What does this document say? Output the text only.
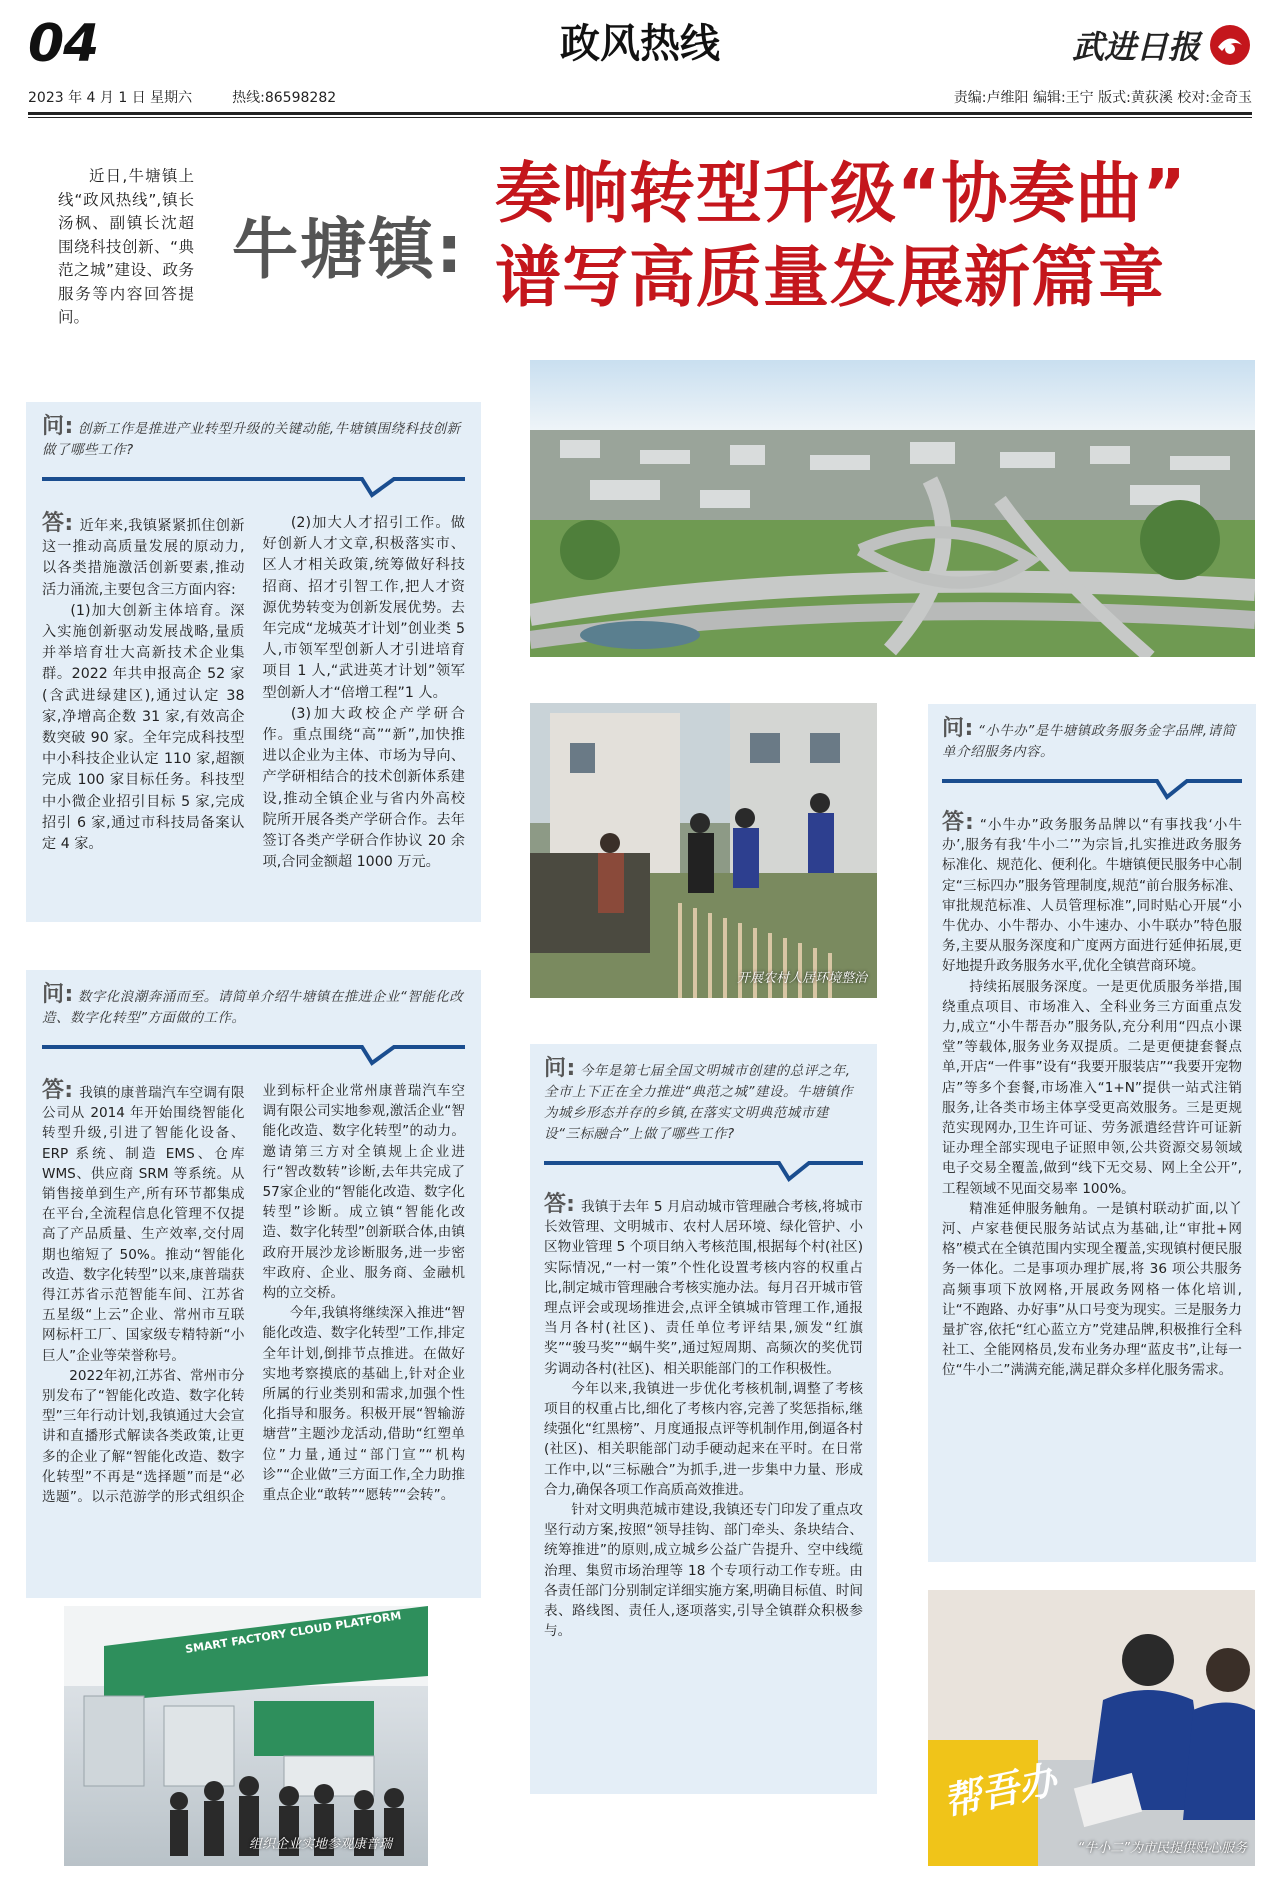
04	政风热线	武进日报
2023 年 4 月 1 日 星期六	热线:86598282	责编:卢维阳 编辑:王宁 版式:黄荻溪 校对:金奇玉
近日,牛塘镇上线“政风热线”,镇长汤枫、副镇长沈超围绕科技创新、“典范之城”建设、政务服务等内容回答提问。
牛塘镇:
奏响转型升级“协奏曲”
谱写高质量发展新篇章
问: 创新工作是推进产业转型升级的关键动能,牛塘镇围绕科技创新做了哪些工作?

答: 近年来,我镇紧紧抓住创新这一推动高质量发展的原动力,以各类措施激活创新要素,推动活力涌流,主要包含三方面内容:

(1)加大创新主体培育。深入实施创新驱动发展战略,量质并举培育壮大高新技术企业集群。2022 年共申报高企 52 家(含武进绿建区),通过认定 38 家,净增高企数 31 家,有效高企数突破 90 家。全年完成科技型中小科技企业认定 110 家,超额完成 100 家目标任务。科技型中小微企业招引目标 5 家,完成招引 6 家,通过市科技局备案认定 4 家。

(2)加大人才招引工作。做好创新人才文章,积极落实市、区人才相关政策,统筹做好科技招商、招才引智工作,把人才资源优势转变为创新发展优势。去年完成“龙城英才计划”创业类 5 人,市领军型创新人才引进培育项目 1 人,“武进英才计划”领军型创新人才“倍增工程”1 人。

(3)加大政校企产学研合作。重点围绕“高”“新”,加快推进以企业为主体、市场为导向、产学研相结合的技术创新体系建设,推动全镇企业与省内外高校院所开展各类产学研合作。去年签订各类产学研合作协议 20 余项,合同金额超 1000 万元。

问: 数字化浪潮奔涌而至。请简单介绍牛塘镇在推进企业“智能化改造、数字化转型”方面做的工作。

答: 我镇的康普瑞汽车空调有限公司从 2014 年开始围绕智能化转型升级,引进了智能化设备、ERP 系统、制造 EMS、仓库 WMS、供应商 SRM 等系统。从销售接单到生产,所有环节都集成在平台,全流程信息化管理不仅提高了产品质量、生产效率,交付周期也缩短了 50%。推动“智能化改造、数字化转型”以来,康普瑞获得江苏省示范智能车间、江苏省五星级“上云”企业、常州市互联网标杆工厂、国家级专精特新“小巨人”企业等荣誉称号。

2022年初,江苏省、常州市分别发布了“智能化改造、数字化转型”三年行动计划,我镇通过大会宣讲和直播形式解读各类政策,让更多的企业了解“智能化改造、数字化转型”不再是“选择题”而是“必选题”。以示范游学的形式组织企业到标杆企业常州康普瑞汽车空调有限公司实地参观,激活企业“智能化改造、数字化转型”的动力。邀请第三方对全镇规上企业进行“智改数转”诊断,去年共完成了57家企业的“智能化改造、数字化转型”诊断。成立镇“智能化改造、数字化转型”创新联合体,由镇政府开展沙龙诊断服务,进一步密牢政府、企业、服务商、金融机构的立交桥。

今年,我镇将继续深入推进“智能化改造、数字化转型”工作,排定全年计划,倒排节点推进。在做好实地考察摸底的基础上,针对企业所属的行业类别和需求,加强个性化指导和服务。积极开展“智输游塘营”主题沙龙活动,借助“红塑单位”力量,通过“部门宣”“机构诊”“企业做”三方面工作,全力助推重点企业“敢转”“愿转”“会转”。

SMART FACTORY CLOUD PLATFORM
组织企业实地参观康普瑞
开展农村人居环境整治
问: 今年是第七届全国文明城市创建的总评之年,全市上下正在全力推进“典范之城”建设。牛塘镇作为城乡形态并存的乡镇,在落实文明典范城市建设“三标融合”上做了哪些工作?

答: 我镇于去年 5 月启动城市管理融合考核,将城市长效管理、文明城市、农村人居环境、绿化管护、小区物业管理 5 个项目纳入考核范围,根据每个村(社区)实际情况,“一村一策”个性化设置考核内容的权重占比,制定城市管理融合考核实施办法。每月召开城市管理点评会或现场推进会,点评全镇城市管理工作,通报当月各村(社区)、责任单位考评结果,颁发“红旗奖”“骏马奖”“蜗牛奖”,通过短周期、高频次的奖优罚劣调动各村(社区)、相关职能部门的工作积极性。

今年以来,我镇进一步优化考核机制,调整了考核项目的权重占比,细化了考核内容,完善了奖惩指标,继续强化“红黑榜”、月度通报点评等机制作用,倒逼各村(社区)、相关职能部门动手硬动起来在平时。在日常工作中,以“三标融合”为抓手,进一步集中力量、形成合力,确保各项工作高质高效推进。

针对文明典范城市建设,我镇还专门印发了重点攻坚行动方案,按照“领导挂钩、部门牵头、条块结合、统筹推进”的原则,成立城乡公益广告提升、空中线缆治理、集贸市场治理等 18 个专项行动工作专班。由各责任部门分别制定详细实施方案,明确目标值、时间表、路线图、责任人,逐项落实,引导全镇群众积极参与。

问: “小牛办”是牛塘镇政务服务金字品牌,请简单介绍服务内容。

答: “小牛办”政务服务品牌以“有事找我‘小牛办’,服务有我‘牛小二’”为宗旨,扎实推进政务服务标准化、规范化、便利化。牛塘镇便民服务中心制定“三标四办”服务管理制度,规范“前台服务标准、审批规范标准、人员管理标准”,同时贴心开展“小牛优办、小牛帮办、小牛速办、小牛联办”特色服务,主要从服务深度和广度两方面进行延伸拓展,更好地提升政务服务水平,优化全镇营商环境。

持续拓展服务深度。一是更优质服务举措,围绕重点项目、市场准入、全科业务三方面重点发力,成立“小牛帮吾办”服务队,充分利用“四点小课堂”等载体,服务业务双提质。二是更便捷套餐点单,开店“一件事”设有“我要开服装店”“我要开宠物店”等多个套餐,市场准入“1+N”提供一站式注销服务,让各类市场主体享受更高效服务。三是更规范实现网办,卫生许可证、劳务派遣经营许可证新证办理全部实现电子证照申领,公共资源交易领域电子交易全覆盖,做到“线下无交易、网上全公开”,工程领域不见面交易率 100%。

精准延伸服务触角。一是镇村联动扩面,以丫河、卢家巷便民服务站试点为基础,让“审批+网格”模式在全镇范围内实现全覆盖,实现镇村便民服务一体化。二是事项办理扩展,将 36 项公共服务高频事项下放网格,开展政务网格一体化培训,让“不跑路、办好事”从口号变为现实。三是服务力量扩容,依托“红心蓝立方”党建品牌,积极推行全科社工、全能网格员,发布业务办理“蓝皮书”,让每一位“牛小二”满满充能,满足群众多样化服务需求。

帮吾办
“牛小二”为市民提供贴心服务
